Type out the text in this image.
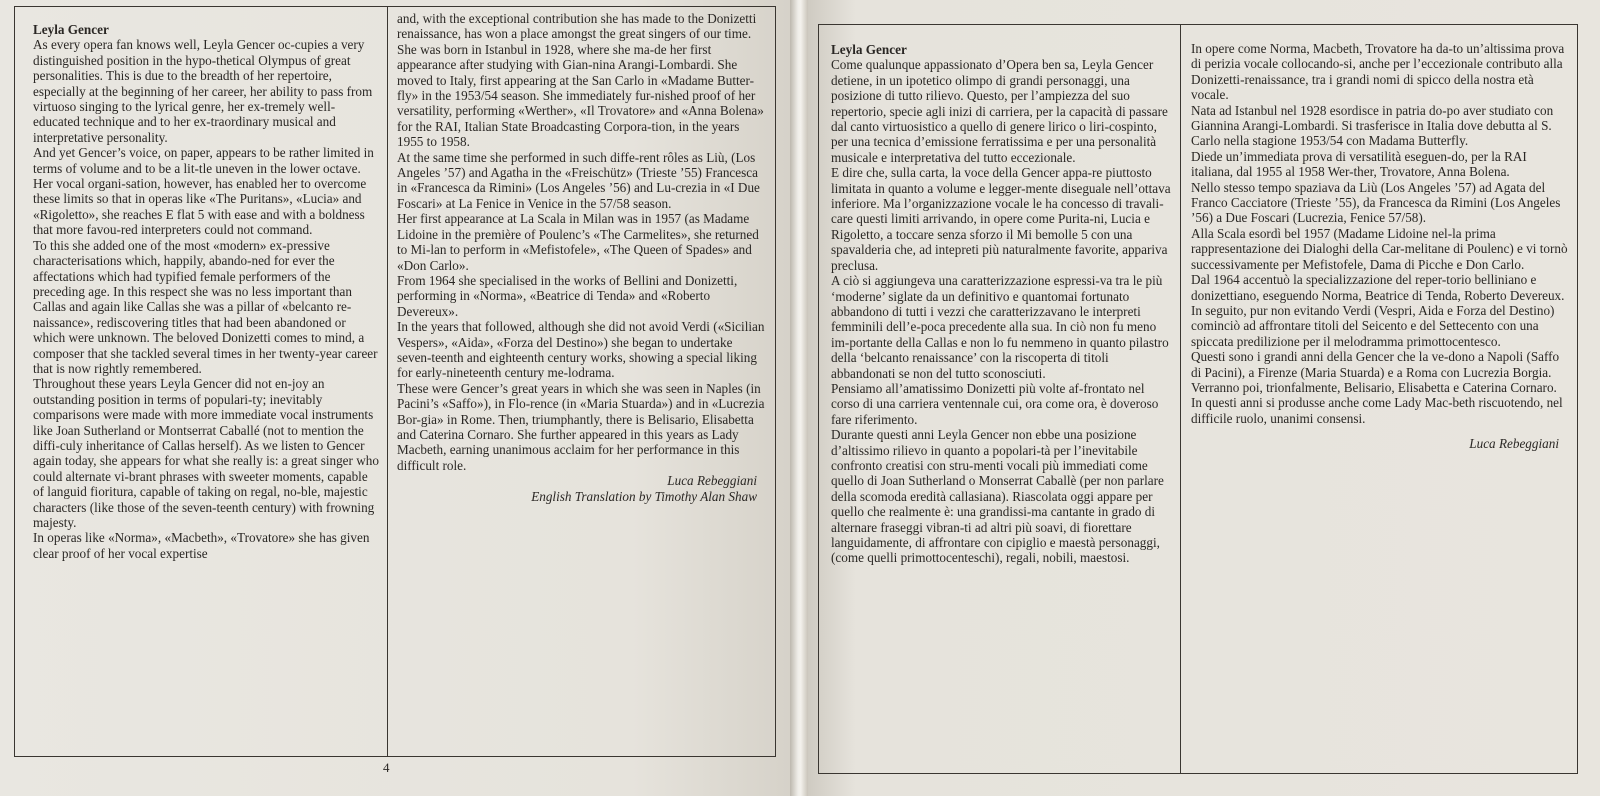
Leyla Gencer

As every opera fan knows well, Leyla Gencer oc-cupies a very distinguished position in the hypo-thetical Olympus of great personalities. This is due to the breadth of her repertoire, especially at the beginning of her career, her ability to pass from virtuoso singing to the lyrical genre, her ex-tremely well-educated technique and to her ex-traordinary musical and interpretative personality.

And yet Gencer’s voice, on paper, appears to be rather limited in terms of volume and to be a lit-tle uneven in the lower octave. Her vocal organi-sation, however, has enabled her to overcome these limits so that in operas like «The Puritans», «Lucia» and «Rigoletto», she reaches E flat 5 with ease and with a boldness that more favou-red interpreters could not command.

To this she added one of the most «modern» ex-pressive characterisations which, happily, abando-ned for ever the affectations which had typified female performers of the preceding age. In this respect she was no less important than Callas and again like Callas she was a pillar of «belcanto re-naissance», rediscovering titles that had been abandoned or which were unknown. The beloved Donizetti comes to mind, a composer that she tackled several times in her twenty-year career that is now rightly remembered.

Throughout these years Leyla Gencer did not en-joy an outstanding position in terms of populari-ty; inevitably comparisons were made with more immediate vocal instruments like Joan Sutherland or Montserrat Caballé (not to mention the diffi-culy inheritance of Callas herself). As we listen to Gencer again today, she appears for what she really is: a great singer who could alternate vi-brant phrases with sweeter moments, capable of languid fioritura, capable of taking on regal, no-ble, majestic characters (like those of the seven-teenth century) with frowning majesty.

In operas like «Norma», «Macbeth», «Trovatore» she has given clear proof of her vocal expertise

and, with the exceptional contribution she has made to the Donizetti renaissance, has won a place amongst the great singers of our time.

She was born in Istanbul in 1928, where she ma-de her first appearance after studying with Gian-nina Arangi-Lombardi. She moved to Italy, first appearing at the San Carlo in «Madame Butter-fly» in the 1953/54 season. She immediately fur-nished proof of her versatility, performing «Werther», «Il Trovatore» and «Anna Bolena» for the RAI, Italian State Broadcasting Corpora-tion, in the years 1955 to 1958.

At the same time she performed in such diffe-rent rôles as Liù, (Los Angeles ’57) and Agatha in the «Freischütz» (Trieste ’55) Francesca in «Francesca da Rimini» (Los Angeles ’56) and Lu-crezia in «I Due Foscari» at La Fenice in Venice in the 57/58 season.

Her first appearance at La Scala in Milan was in 1957 (as Madame Lidoine in the première of Poulenc’s «The Carmelites», she returned to Mi-lan to perform in «Mefistofele», «The Queen of Spades» and «Don Carlo».

From 1964 she specialised in the works of Bellini and Donizetti, performing in «Norma», «Beatrice di Tenda» and «Roberto Devereux».

In the years that followed, although she did not avoid Verdi («Sicilian Vespers», «Aida», «Forza del Destino») she began to undertake seven-teenth and eighteenth century works, showing a special liking for early-nineteenth century me-lodrama.

These were Gencer’s great years in which she was seen in Naples (in Pacini’s «Saffo»), in Flo-rence (in «Maria Stuarda») and in «Lucrezia Bor-gia» in Rome. Then, triumphantly, there is Belisario, Elisabetta and Caterina Cornaro. She further appeared in this years as Lady Macbeth, earning unanimous acclaim for her performance in this difficult role.

Luca Rebeggiani

English Translation by Timothy Alan Shaw

4
Leyla Gencer

Come qualunque appassionato d’Opera ben sa, Leyla Gencer detiene, in un ipotetico olimpo di grandi personaggi, una posizione di tutto rilievo. Questo, per l’ampiezza del suo repertorio, specie agli inizi di carriera, per la capacità di passare dal canto virtuosistico a quello di genere lirico o liri-cospinto, per una tecnica d’emissione ferratissima e per una personalità musicale e interpretativa del tutto eccezionale.

E dire che, sulla carta, la voce della Gencer appa-re piuttosto limitata in quanto a volume e legger-mente diseguale nell’ottava inferiore. Ma l’organizzazione vocale le ha concesso di travali-care questi limiti arrivando, in opere come Purita-ni, Lucia e Rigoletto, a toccare senza sforzo il Mi bemolle 5 con una spavalderia che, ad intepreti più naturalmente favorite, appariva preclusa.

A ciò si aggiungeva una caratterizzazione espressi-va tra le più ‘moderne’ siglate da un definitivo e quantomai fortunato abbandono di tutti i vezzi che caratterizzavano le interpreti femminili dell’e-poca precedente alla sua. In ciò non fu meno im-portante della Callas e non lo fu nemmeno in quanto pilastro della ‘belcanto renaissance’ con la riscoperta di titoli abbandonati se non del tutto sconosciuti.

Pensiamo all’amatissimo Donizetti più volte af-frontato nel corso di una carriera ventennale cui, ora come ora, è doveroso fare riferimento.

Durante questi anni Leyla Gencer non ebbe una posizione d’altissimo rilievo in quanto a popolari-tà per l’inevitabile confronto creatisi con stru-menti vocali più immediati come quello di Joan Sutherland o Monserrat Caballè (per non parlare della scomoda eredità callasiana). Riascolata oggi appare per quello che realmente è: una grandissi-ma cantante in grado di alternare fraseggi vibran-ti ad altri più soavi, di fiorettare languidamente, di affrontare con cipiglio e maestà personaggi, (come quelli primottocenteschi), regali, nobili, maestosi.

In opere come Norma, Macbeth, Trovatore ha da-to un’altissima prova di perizia vocale collocando-si, anche per l’eccezionale contributo alla Donizetti-renaissance, tra i grandi nomi di spicco della nostra età vocale.

Nata ad Istanbul nel 1928 esordisce in patria do-po aver studiato con Giannina Arangi-Lombardi. Si trasferisce in Italia dove debutta al S. Carlo nella stagione 1953/54 con Madama Butterfly.

Diede un’immediata prova di versatilità eseguen-do, per la RAI italiana, dal 1955 al 1958 Wer-ther, Trovatore, Anna Bolena.

Nello stesso tempo spaziava da Liù (Los Angeles ’57) ad Agata del Franco Cacciatore (Trieste ’55), da Francesca da Rimini (Los Angeles ’56) a Due Foscari (Lucrezia, Fenice 57/58).

Alla Scala esordì bel 1957 (Madame Lidoine nel-la prima rappresentazione dei Dialoghi della Car-melitane di Poulenc) e vi tornò successivamente per Mefistofele, Dama di Picche e Don Carlo.

Dal 1964 accentuò la specializzazione del reper-torio belliniano e donizettiano, eseguendo Norma, Beatrice di Tenda, Roberto Devereux.

In seguito, pur non evitando Verdi (Vespri, Aida e Forza del Destino) cominciò ad affrontare titoli del Seicento e del Settecento con una spiccata predilizione per il melodramma primottocentesco.

Questi sono i grandi anni della Gencer che la ve-dono a Napoli (Saffo di Pacini), a Firenze (Maria Stuarda) e a Roma con Lucrezia Borgia.

Verranno poi, trionfalmente, Belisario, Elisabetta e Caterina Cornaro.

In questi anni si produsse anche come Lady Mac-beth riscuotendo, nel difficile ruolo, unanimi consensi.

Luca Rebeggiani
